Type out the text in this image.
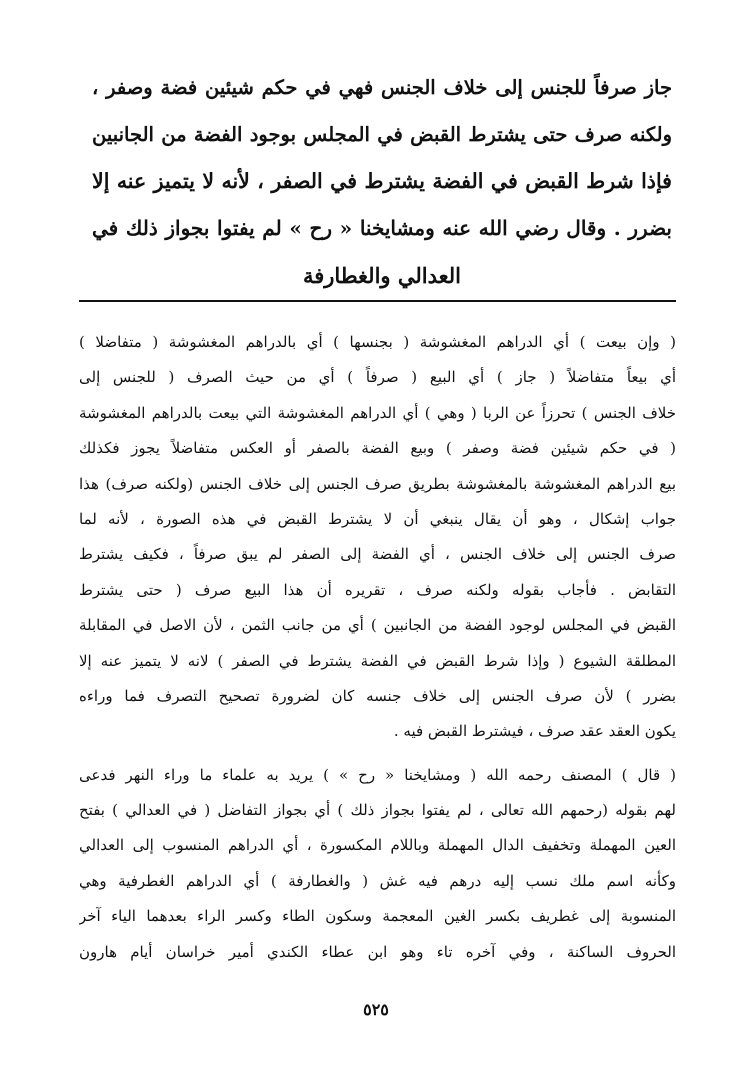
جاز صرفاً للجنس إلى خلاف الجنس فهي في حكم شيئين فضة وصفر ،
ولكنه صرف حتى يشترط القبض في المجلس بوجود الفضة من الجانبين
فإذا شرط القبض في الفضة يشترط في الصفر ، لأنه لا يتميز عنه إلا
بضرر . وقال رضي الله عنه ومشايخنا « رح » لم يفتوا بجواز ذلك في
العدالي والغطارفة
( وإن بيعت ) أي الدراهم المغشوشة ( بجنسها ) أي بالدراهم المغشوشة ( متفاضلا )
أي بيعاً متفاضلاً ( جاز ) أي البيع ( صرفاً ) أي من حيث الصرف ( للجنس إلى
خلاف الجنس ) تحرزاً عن الربا ( وهي ) أي الدراهم المغشوشة التي بيعت بالدراهم المغشوشة
( في حكم شيئين فضة وصفر ) وبيع الفضة بالصفر أو العكس متفاضلاً يجوز فكذلك
بيع الدراهم المغشوشة بالمغشوشة بطريق صرف الجنس إلى خلاف الجنس (ولكنه صرف) هذا
جواب إشكال ، وهو أن يقال ينبغي أن لا يشترط القبض في هذه الصورة ، لأنه لما
صرف الجنس إلى خلاف الجنس ، أي الفضة إلى الصفر لم يبق صرفاً ، فكيف يشترط
التقابض . فأجاب بقوله ولكنه صرف ، تقريره أن هذا البيع صرف ( حتى يشترط
القبض في المجلس لوجود الفضة من الجانبين ) أي من جانب الثمن ، لأن الاصل في المقابلة
المطلقة الشيوع ( وإذا شرط القبض في الفضة يشترط في الصفر ) لانه لا يتميز عنه إلا
بضرر ) لأن صرف الجنس إلى خلاف جنسه كان لضرورة تصحيح التصرف فما وراءه
يكون العقد عقد صرف ، فيشترط القبض فيه .
( قال ) المصنف رحمه الله ( ومشايخنا « رح » ) يريد به علماء ما وراء النهر فدعى
لهم بقوله (رحمهم الله تعالى ، لم يفتوا بجواز ذلك ) أي بجواز التفاضل ( في العدالي ) بفتح
العين المهملة وتخفيف الدال المهملة وباللام المكسورة ، أي الدراهم المنسوب إلى العدالي
وكأنه اسم ملك نسب إليه درهم فيه غش ( والغطارفة ) أي الدراهم الغطرفية وهي
المنسوبة إلى غطريف بكسر الغين المعجمة وسكون الطاء وكسر الراء بعدهما الياء آخر
الحروف الساكنة ، وفي آخره تاء وهو ابن عطاء الكندي أمير خراسان أيام هارون
٥٢٥
